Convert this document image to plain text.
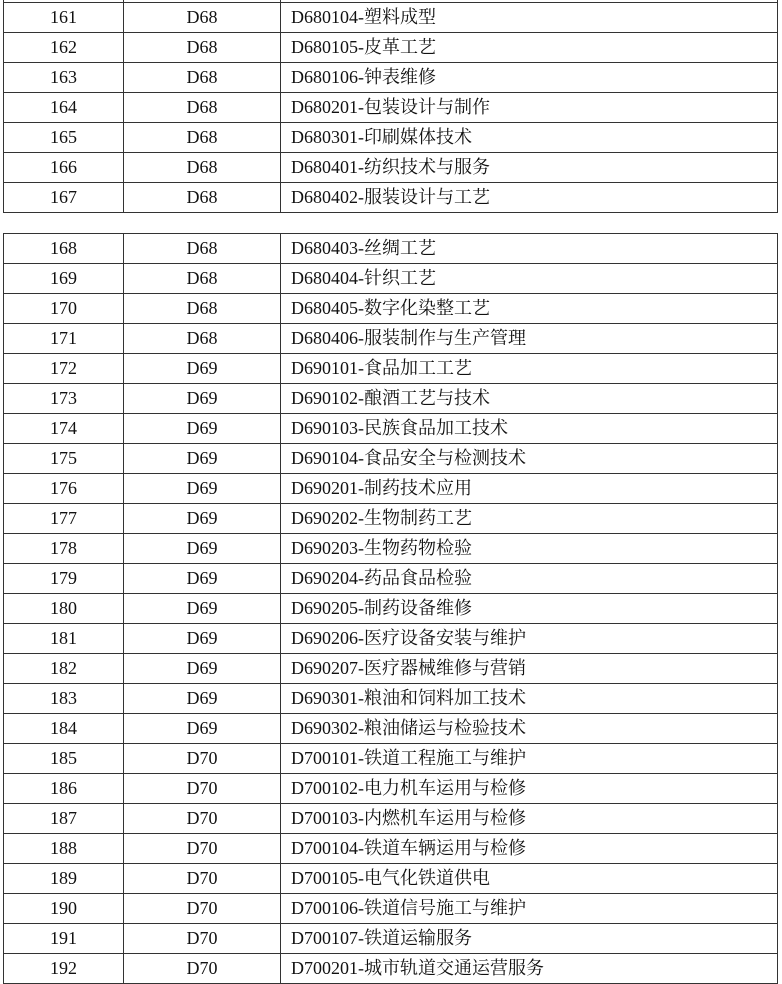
161	D68	D680104-塑料成型
162	D68	D680105-皮革工艺
163	D68	D680106-钟表维修
164	D68	D680201-包装设计与制作
165	D68	D680301-印刷媒体技术
166	D68	D680401-纺织技术与服务
167	D68	D680402-服装设计与工艺
168	D68	D680403-丝绸工艺
169	D68	D680404-针织工艺
170	D68	D680405-数字化染整工艺
171	D68	D680406-服装制作与生产管理
172	D69	D690101-食品加工工艺
173	D69	D690102-酿酒工艺与技术
174	D69	D690103-民族食品加工技术
175	D69	D690104-食品安全与检测技术
176	D69	D690201-制药技术应用
177	D69	D690202-生物制药工艺
178	D69	D690203-生物药物检验
179	D69	D690204-药品食品检验
180	D69	D690205-制药设备维修
181	D69	D690206-医疗设备安装与维护
182	D69	D690207-医疗器械维修与营销
183	D69	D690301-粮油和饲料加工技术
184	D69	D690302-粮油储运与检验技术
185	D70	D700101-铁道工程施工与维护
186	D70	D700102-电力机车运用与检修
187	D70	D700103-内燃机车运用与检修
188	D70	D700104-铁道车辆运用与检修
189	D70	D700105-电气化铁道供电
190	D70	D700106-铁道信号施工与维护
191	D70	D700107-铁道运输服务
192	D70	D700201-城市轨道交通运营服务
